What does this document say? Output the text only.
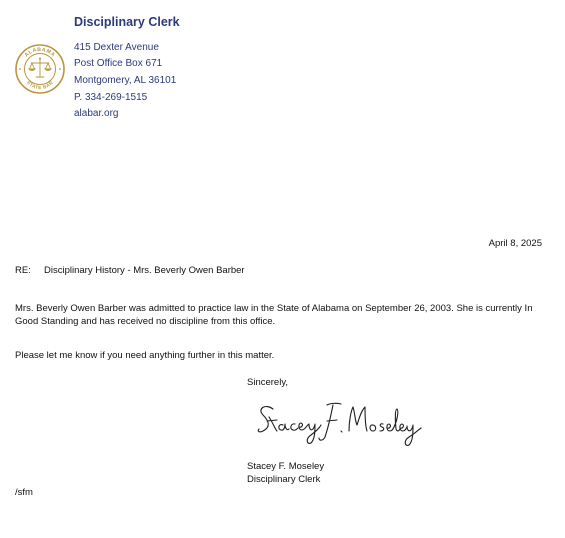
ALABAMA
STATE BAR
Disciplinary Clerk
415 Dexter Avenue
Post Office Box 671
Montgomery, AL 36101
P. 334-269-1515
alabar.org
April 8, 2025
RE: Disciplinary History - Mrs. Beverly Owen Barber
Mrs. Beverly Owen Barber was admitted to practice law in the State of Alabama on September 26, 2003. She is currently In Good Standing and has received no discipline from this office.
Please let me know if you need anything further in this matter.
Sincerely,
Stacey F. Moseley
Disciplinary Clerk
/sfm
